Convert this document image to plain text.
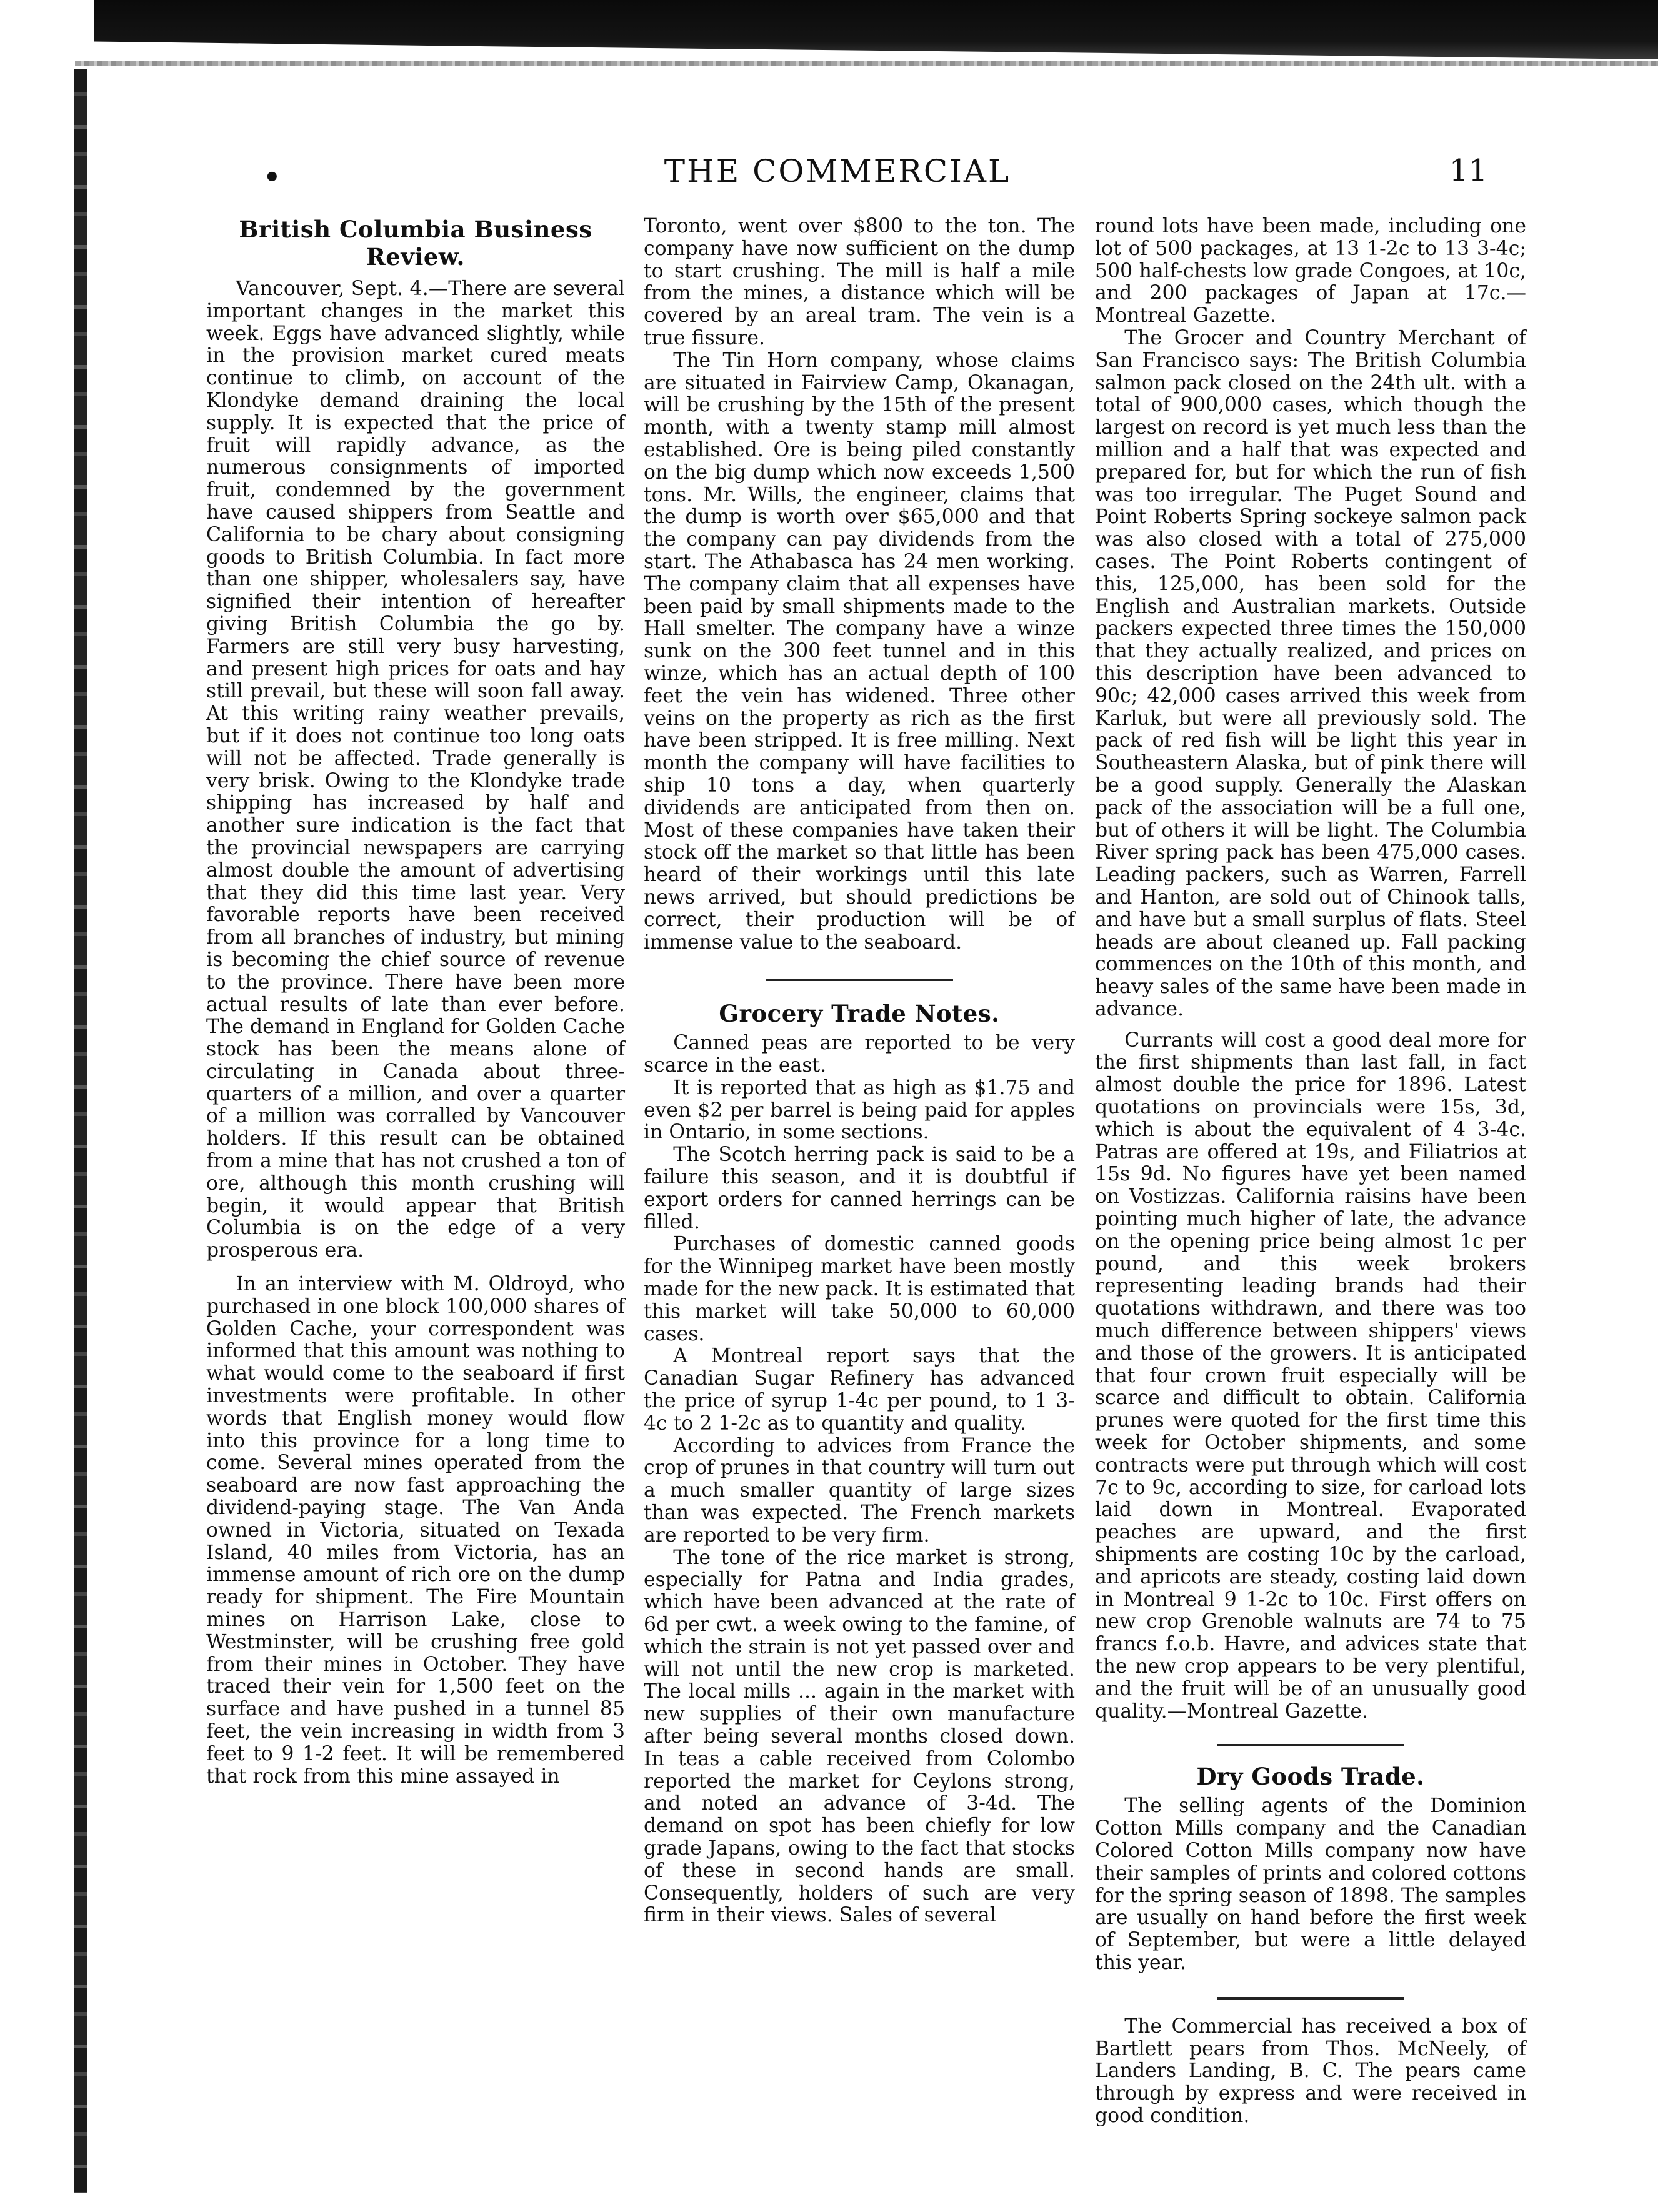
•	THE COMMERCIAL	11
British Columbia Business Review.

Vancouver, Sept. 4.—There are several important changes in the market this week. Eggs have advanced slightly, while in the provision market cured meats continue to climb, on account of the Klondyke demand draining the local supply. It is expected that the price of fruit will rapidly advance, as the numerous consignments of imported fruit, condemned by the government have caused shippers from Seattle and California to be chary about consigning goods to British Columbia. In fact more than one shipper, wholesalers say, have signified their intention of hereafter giving British Columbia the go by. Farmers are still very busy harvesting, and present high prices for oats and hay still prevail, but these will soon fall away. At this writing rainy weather prevails, but if it does not continue too long oats will not be affected. Trade generally is very brisk. Owing to the Klondyke trade shipping has increased by half and another sure indication is the fact that the provincial newspapers are carrying almost double the amount of advertising that they did this time last year. Very favorable reports have been received from all branches of industry, but mining is becoming the chief source of revenue to the province. There have been more actual results of late than ever before. The demand in England for Golden Cache stock has been the means alone of circulating in Canada about three-quarters of a million, and over a quarter of a million was corralled by Vancouver holders. If this result can be obtained from a mine that has not crushed a ton of ore, although this month crushing will begin, it would appear that British Columbia is on the edge of a very prosperous era.

In an interview with M. Oldroyd, who purchased in one block 100,000 shares of Golden Cache, your correspondent was informed that this amount was nothing to what would come to the seaboard if first investments were profitable. In other words that English money would flow into this province for a long time to come. Several mines operated from the seaboard are now fast approaching the dividend-paying stage. The Van Anda owned in Victoria, situated on Texada Island, 40 miles from Victoria, has an immense amount of rich ore on the dump ready for shipment. The Fire Mountain mines on Harrison Lake, close to Westminster, will be crushing free gold from their mines in October. They have traced their vein for 1,500 feet on the surface and have pushed in a tunnel 85 feet, the vein increasing in width from 3 feet to 9 1-2 feet. It will be remembered that rock from this mine assayed in

Toronto, went over $800 to the ton. The company have now sufficient on the dump to start crushing. The mill is half a mile from the mines, a distance which will be covered by an areal tram. The vein is a true fissure.

The Tin Horn company, whose claims are situated in Fairview Camp, Okanagan, will be crushing by the 15th of the present month, with a twenty stamp mill almost established. Ore is being piled constantly on the big dump which now exceeds 1,500 tons. Mr. Wills, the engineer, claims that the dump is worth over $65,000 and that the company can pay dividends from the start. The Athabasca has 24 men working. The company claim that all expenses have been paid by small shipments made to the Hall smelter. The company have a winze sunk on the 300 feet tunnel and in this winze, which has an actual depth of 100 feet the vein has widened. Three other veins on the property as rich as the first have been stripped. It is free milling. Next month the company will have facilities to ship 10 tons a day, when quarterly dividends are anticipated from then on. Most of these companies have taken their stock off the market so that little has been heard of their workings until this late news arrived, but should predictions be correct, their production will be of immense value to the seaboard.

Grocery Trade Notes.

Canned peas are reported to be very scarce in the east.

It is reported that as high as $1.75 and even $2 per barrel is being paid for apples in Ontario, in some sections.

The Scotch herring pack is said to be a failure this season, and it is doubtful if export orders for canned herrings can be filled.

Purchases of domestic canned goods for the Winnipeg market have been mostly made for the new pack. It is estimated that this market will take 50,000 to 60,000 cases.

A Montreal report says that the Canadian Sugar Refinery has advanced the price of syrup 1-4c per pound, to 1 3-4c to 2 1-2c as to quantity and quality.

According to advices from France the crop of prunes in that country will turn out a much smaller quantity of large sizes than was expected. The French markets are reported to be very firm.

The tone of the rice market is strong, especially for Patna and India grades, which have been advanced at the rate of 6d per cwt. a week owing to the famine, of which the strain is not yet passed over and will not until the new crop is marketed. The local mills ... again in the market with new supplies of their own manufacture after being several months closed down. In teas a cable received from Colombo reported the market for Ceylons strong, and noted an advance of 3-4d. The demand on spot has been chiefly for low grade Japans, owing to the fact that stocks of these in second hands are small. Consequently, holders of such are very firm in their views. Sales of several

round lots have been made, including one lot of 500 packages, at 13 1-2c to 13 3-4c; 500 half-chests low grade Congoes, at 10c, and 200 packages of Japan at 17c.—Montreal Gazette.

The Grocer and Country Merchant of San Francisco says: The British Columbia salmon pack closed on the 24th ult. with a total of 900,000 cases, which though the largest on record is yet much less than the million and a half that was expected and prepared for, but for which the run of fish was too irregular. The Puget Sound and Point Roberts Spring sockeye salmon pack was also closed with a total of 275,000 cases. The Point Roberts contingent of this, 125,000, has been sold for the English and Australian markets. Outside packers expected three times the 150,000 that they actually realized, and prices on this description have been advanced to 90c; 42,000 cases arrived this week from Karluk, but were all previously sold. The pack of red fish will be light this year in Southeastern Alaska, but of pink there will be a good supply. Generally the Alaskan pack of the association will be a full one, but of others it will be light. The Columbia River spring pack has been 475,000 cases. Leading packers, such as Warren, Farrell and Hanton, are sold out of Chinook talls, and have but a small surplus of flats. Steel heads are about cleaned up. Fall packing commences on the 10th of this month, and heavy sales of the same have been made in advance.

Currants will cost a good deal more for the first shipments than last fall, in fact almost double the price for 1896. Latest quotations on provincials were 15s, 3d, which is about the equivalent of 4 3-4c. Patras are offered at 19s, and Filiatrios at 15s 9d. No figures have yet been named on Vostizzas. California raisins have been pointing much higher of late, the advance on the opening price being almost 1c per pound, and this week brokers representing leading brands had their quotations withdrawn, and there was too much difference between shippers' views and those of the growers. It is anticipated that four crown fruit especially will be scarce and difficult to obtain. California prunes were quoted for the first time this week for October shipments, and some contracts were put through which will cost 7c to 9c, according to size, for carload lots laid down in Montreal. Evaporated peaches are upward, and the first shipments are costing 10c by the carload, and apricots are steady, costing laid down in Montreal 9 1-2c to 10c. First offers on new crop Grenoble walnuts are 74 to 75 francs f.o.b. Havre, and advices state that the new crop appears to be very plentiful, and the fruit will be of an unusually good quality.—Montreal Gazette.

Dry Goods Trade.

The selling agents of the Dominion Cotton Mills company and the Canadian Colored Cotton Mills company now have their samples of prints and colored cottons for the spring season of 1898. The samples are usually on hand before the first week of September, but were a little delayed this year.

The Commercial has received a box of Bartlett pears from Thos. McNeely, of Landers Landing, B. C. The pears came through by express and were received in good condition.
